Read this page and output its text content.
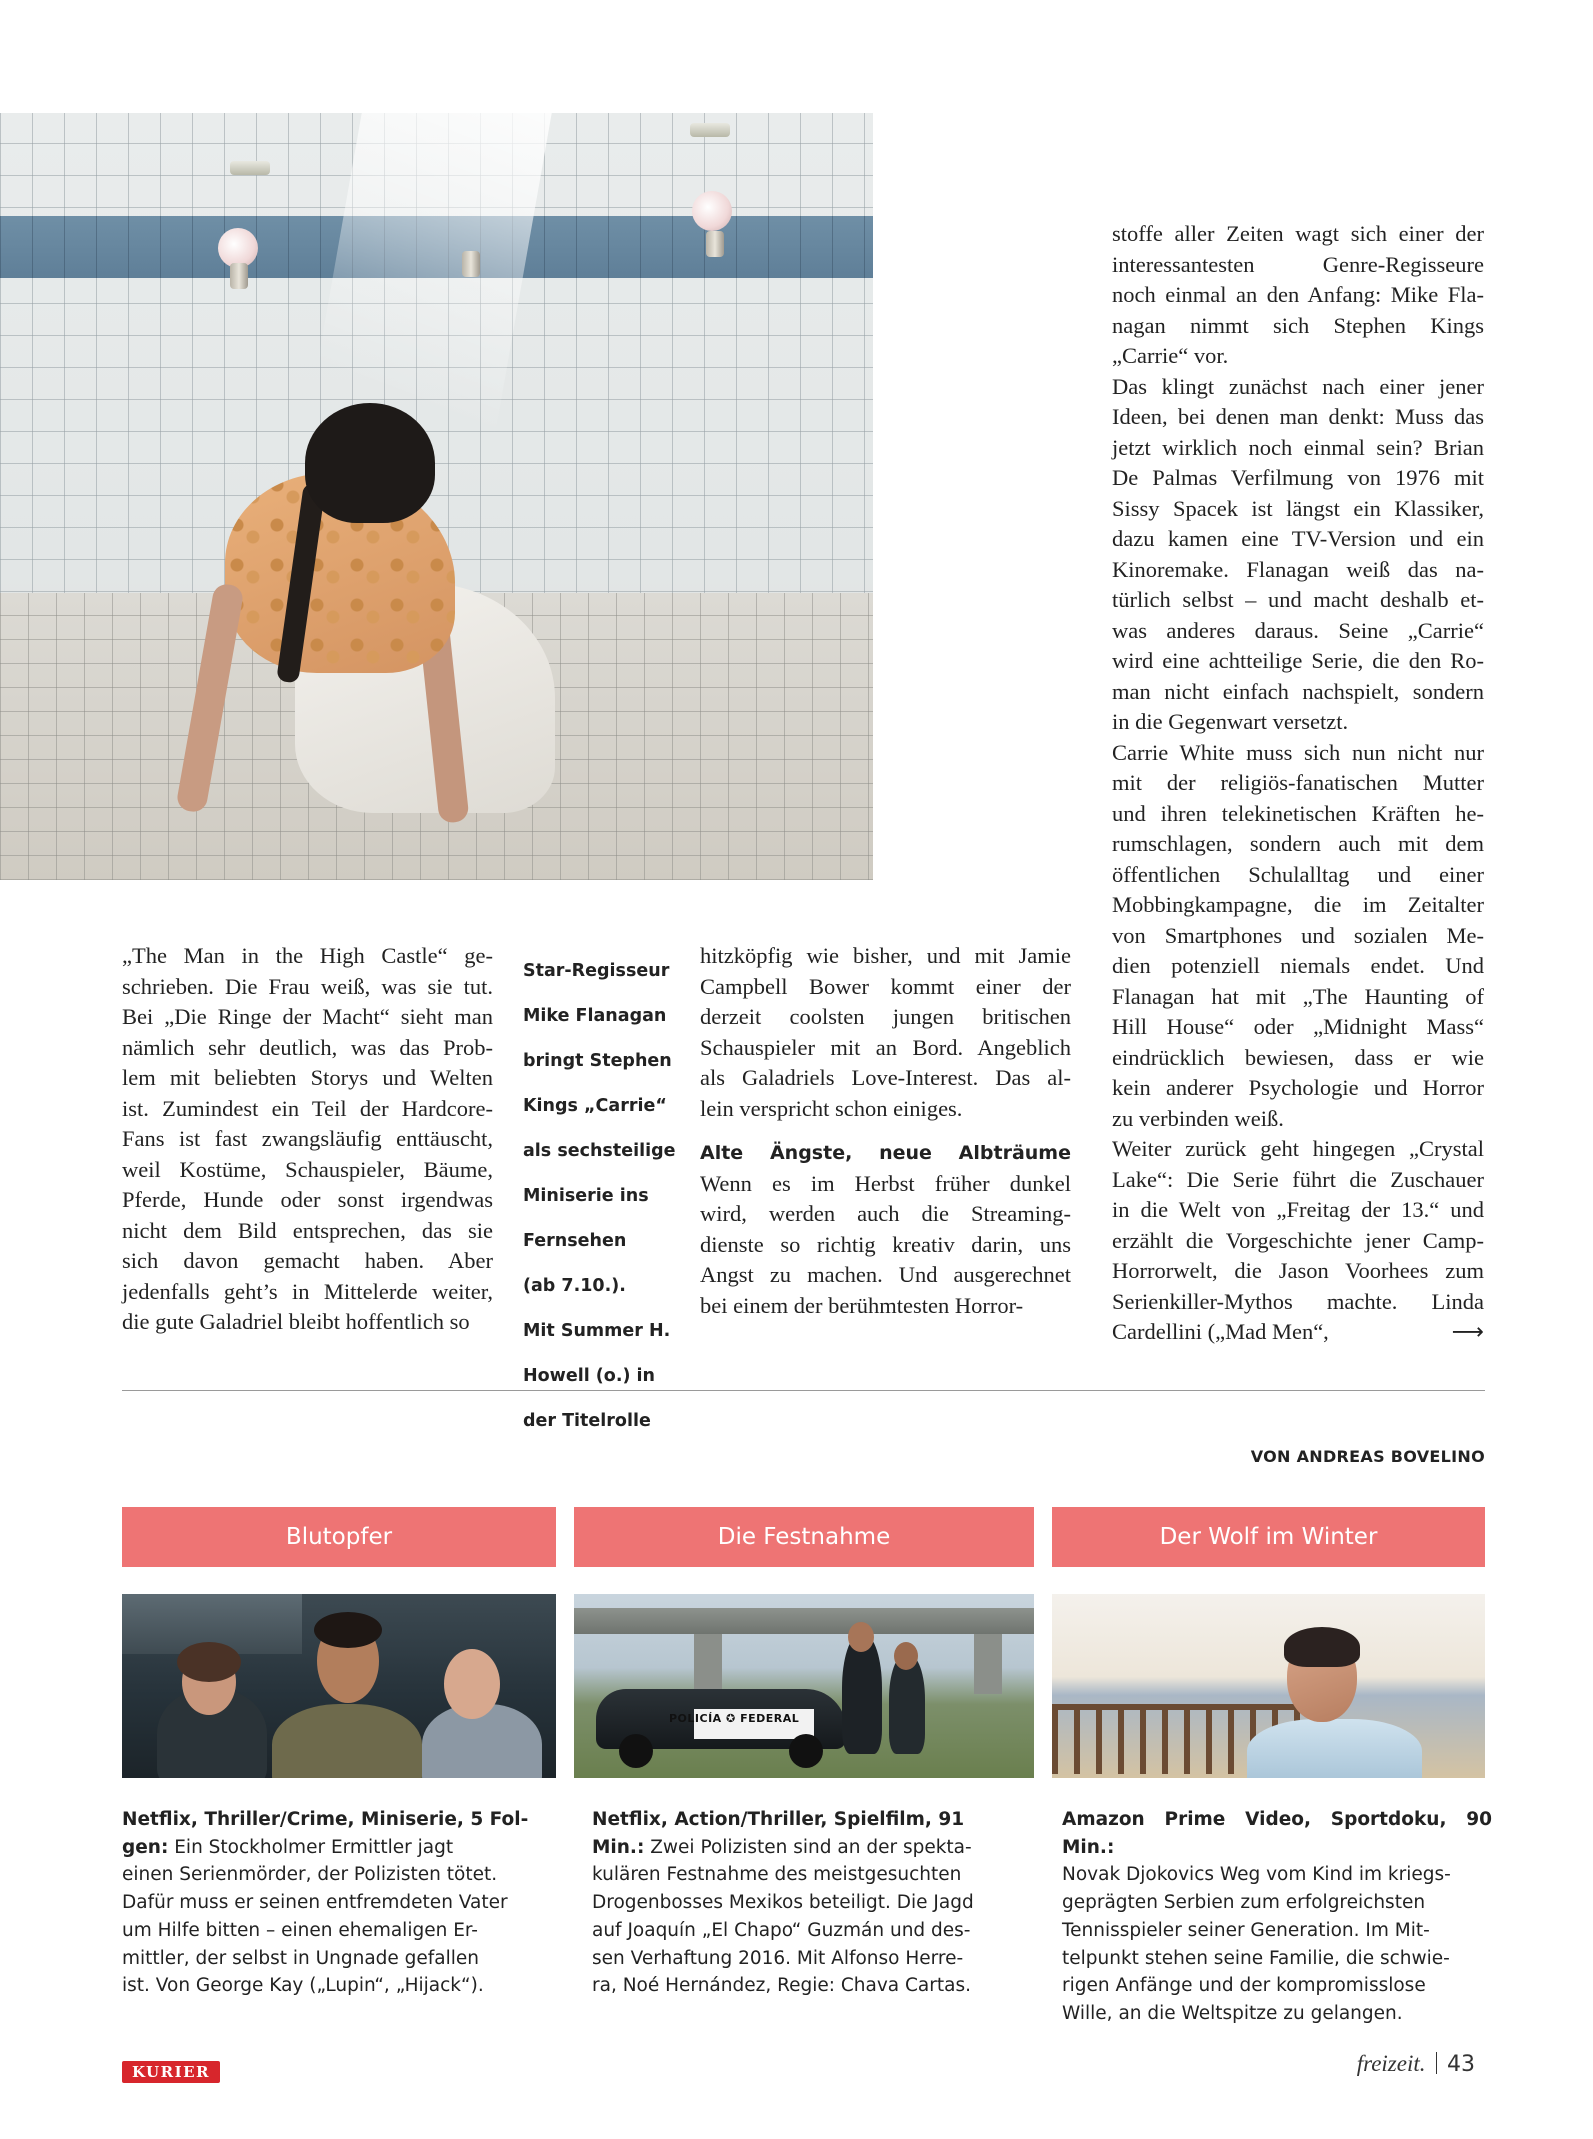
„The Man in the High Castle“ ge-

schrieben. Die Frau weiß, was sie tut.

Bei „Die Ringe der Macht“ sieht man

nämlich sehr deutlich, was das Prob-

lem mit beliebten Storys und Welten

ist. Zumindest ein Teil der Hardcore-

Fans ist fast zwangsläufig enttäuscht,

weil Kostüme, Schauspieler, Bäume,

Pferde, Hunde oder sonst irgendwas

nicht dem Bild entsprechen, das sie

sich davon gemacht haben. Aber

jedenfalls geht’s in Mittelerde weiter,

die gute Galadriel bleibt hoffentlich so

Star-Regisseur

Mike Flanagan

bringt Stephen

Kings „Carrie“

als sechsteilige

Miniserie ins

Fernsehen

(ab 7.10.).

Mit Summer H.

Howell (o.) in

der Titelrolle

hitzköpfig wie bisher, und mit Jamie

Campbell Bower kommt einer der

derzeit coolsten jungen britischen

Schauspieler mit an Bord. Angeblich

als Galadriels Love-Interest. Das al-

lein verspricht schon einiges.

Alte Ängste, neue Albträume

Wenn es im Herbst früher dunkel

wird, werden auch die Streaming-

dienste so richtig kreativ darin, uns

Angst zu machen. Und ausgerechnet

bei einem der berühmtesten Horror-

stoffe aller Zeiten wagt sich einer der

interessantesten Genre-Regisseure

noch einmal an den Anfang: Mike Fla-

nagan nimmt sich Stephen Kings

„Carrie“ vor.

Das klingt zunächst nach einer jener

Ideen, bei denen man denkt: Muss das

jetzt wirklich noch einmal sein? Brian

De Palmas Verfilmung von 1976 mit

Sissy Spacek ist längst ein Klassiker,

dazu kamen eine TV-Version und ein

Kinoremake. Flanagan weiß das na-

türlich selbst – und macht deshalb et-

was anderes daraus. Seine „Carrie“

wird eine achtteilige Serie, die den Ro-

man nicht einfach nachspielt, sondern

in die Gegenwart versetzt.

Carrie White muss sich nun nicht nur

mit der religiös-fanatischen Mutter

und ihren telekinetischen Kräften he-

rumschlagen, sondern auch mit dem

öffentlichen Schulalltag und einer

Mobbingkampagne, die im Zeitalter

von Smartphones und sozialen Me-

dien potenziell niemals endet. Und

Flanagan hat mit „The Haunting of

Hill House“ oder „Midnight Mass“

eindrücklich bewiesen, dass er wie

kein anderer Psychologie und Horror

zu verbinden weiß.

Weiter zurück geht hingegen „Crystal

Lake“: Die Serie führt die Zuschauer

in die Welt von „Freitag der 13.“ und

erzählt die Vorgeschichte jener Camp-

Horrorwelt, die Jason Voorhees zum

Serienkiller-Mythos machte. Linda

Cardellini („Mad Men“,	⟶

VON ANDREAS BOVELINO
Blutopfer	Die Festnahme	Der Wolf im Winter
POLICÍA ✪ FEDERAL
Netflix, Thriller/Crime, Miniserie, 5 Fol-
gen: Ein Stockholmer Ermittler jagt
einen Serienmörder, der Polizisten tötet.
Dafür muss er seinen entfremdeten Vater
um Hilfe bitten – einen ehemaligen Er-
mittler, der selbst in Ungnade gefallen
ist. Von George Kay („Lupin“, „Hijack“).
Netflix, Action/Thriller, Spielfilm, 91
Min.: Zwei Polizisten sind an der spekta-
kulären Festnahme des meistgesuchten
Drogenbosses Mexikos beteiligt. Die Jagd
auf Joaquín „El Chapo“ Guzmán und des-
sen Verhaftung 2016. Mit Alfonso Herre-
ra, Noé Hernández, Regie: Chava Cartas.
Amazon Prime Video, Sportdoku, 90 Min.:
Novak Djokovics Weg vom Kind im kriegs-
geprägten Serbien zum erfolgreichsten
Tennisspieler seiner Generation. Im Mit-
telpunkt stehen seine Familie, die schwie-
rigen Anfänge und der kompromisslose
Wille, an die Weltspitze zu gelangen.
KURIER	freizeit. 43
